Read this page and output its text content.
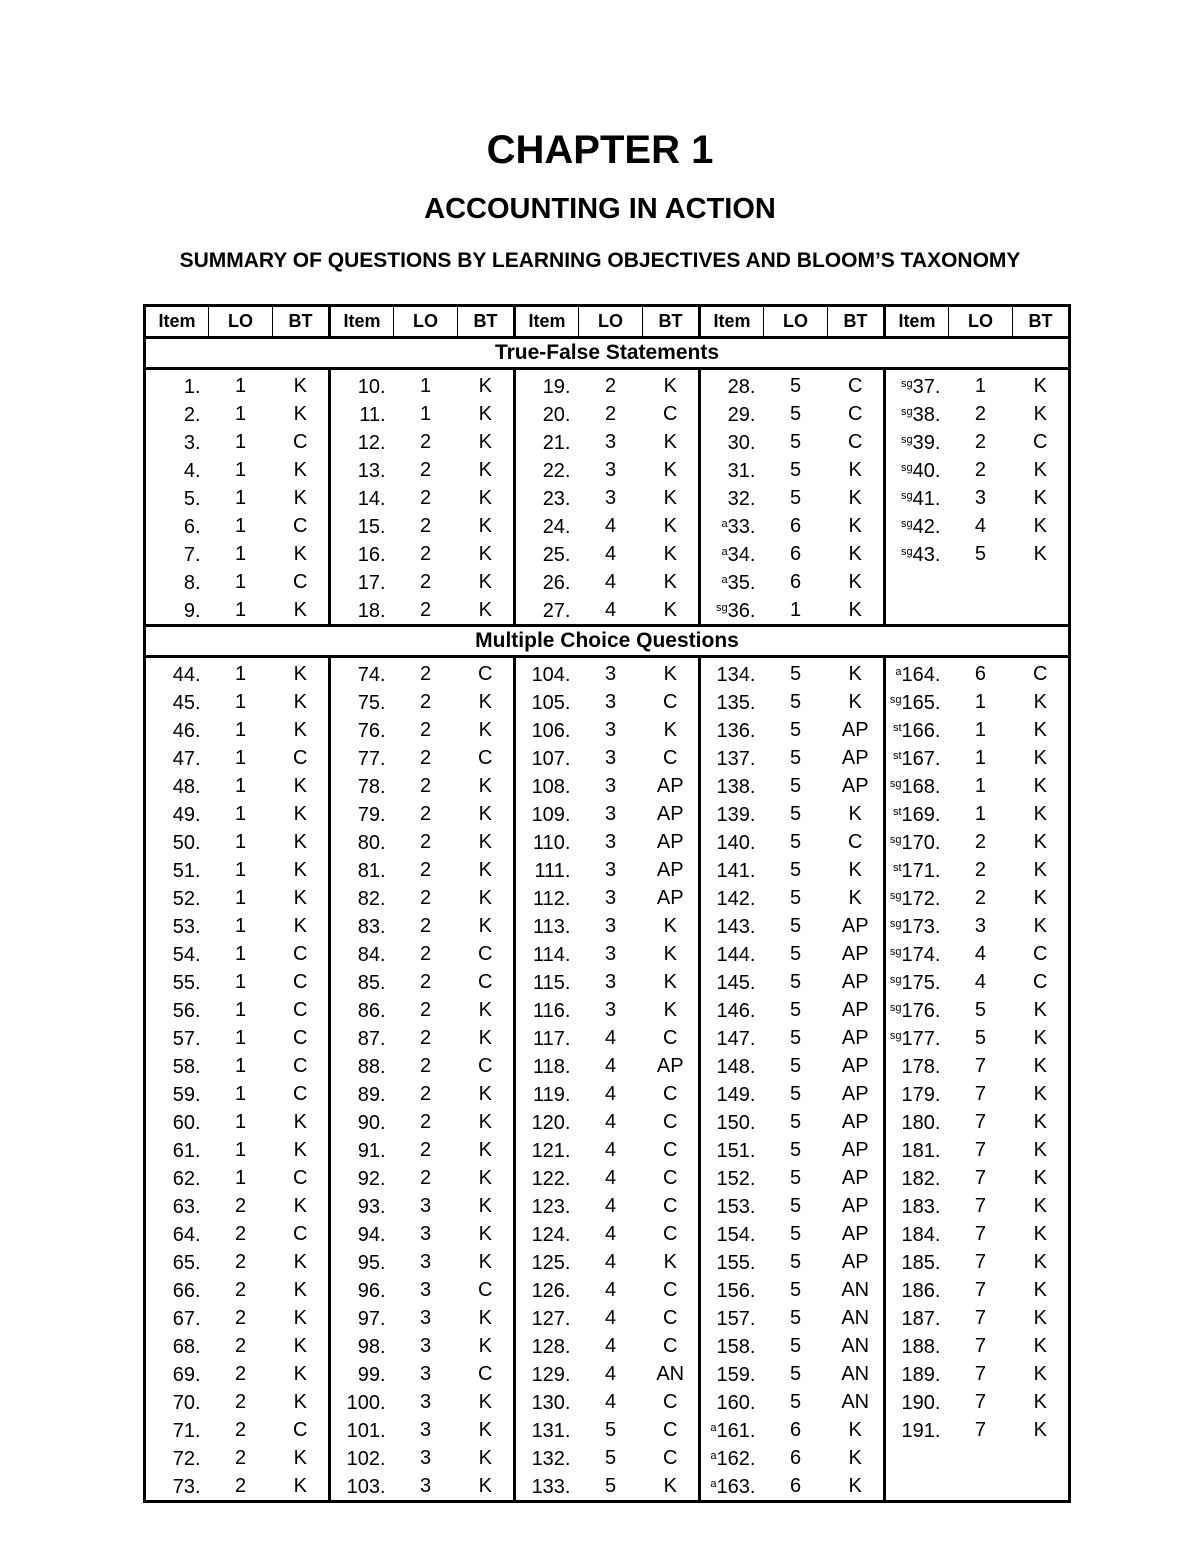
CHAPTER 1
ACCOUNTING IN ACTION
SUMMARY OF QUESTIONS BY LEARNING OBJECTIVES AND BLOOM’S TAXONOMY
Item	LO	BT	Item	LO	BT	Item	LO	BT	Item	LO	BT	Item	LO	BT
True-False Statements														
1.	1	K	10.	1	K	19.	2	K	28.	5	C	$^{sg}$37.	1	K
2.	1	K	11.	1	K	20.	2	C	29.	5	C	$^{sg}$38.	2	K
3.	1	C	12.	2	K	21.	3	K	30.	5	C	$^{sg}$39.	2	C
4.	1	K	13.	2	K	22.	3	K	31.	5	K	$^{sg}$40.	2	K
5.	1	K	14.	2	K	23.	3	K	32.	5	K	$^{sg}$41.	3	K
6.	1	C	15.	2	K	24.	4	K	$^a$33.	6	K	$^{sg}$42.	4	K
7.	1	K	16.	2	K	25.	4	K	$^a$34.	6	K	$^{sg}$43.	5	K
8.	1	C	17.	2	K	26.	4	K	$^a$35.	6	K			
9.	1	K	18.	2	K	27.	4	K	$^{sg}$36.	1	K			
Multiple Choice Questions														
44.	1	K	74.	2	C	104.	3	K	134.	5	K	$^a$164.	6	C
45.	1	K	75.	2	K	105.	3	C	135.	5	K	$^{sg}$165.	1	K
46.	1	K	76.	2	K	106.	3	K	136.	5	AP	$^{st}$166.	1	K
47.	1	C	77.	2	C	107.	3	C	137.	5	AP	$^{st}$167.	1	K
48.	1	K	78.	2	K	108.	3	AP	138.	5	AP	$^{sg}$168.	1	K
49.	1	K	79.	2	K	109.	3	AP	139.	5	K	$^{st}$169.	1	K
50.	1	K	80.	2	K	110.	3	AP	140.	5	C	$^{sg}$170.	2	K
51.	1	K	81.	2	K	111.	3	AP	141.	5	K	$^{st}$171.	2	K
52.	1	K	82.	2	K	112.	3	AP	142.	5	K	$^{sg}$172.	2	K
53.	1	K	83.	2	K	113.	3	K	143.	5	AP	$^{sg}$173.	3	K
54.	1	C	84.	2	C	114.	3	K	144.	5	AP	$^{sg}$174.	4	C
55.	1	C	85.	2	C	115.	3	K	145.	5	AP	$^{sg}$175.	4	C
56.	1	C	86.	2	K	116.	3	K	146.	5	AP	$^{sg}$176.	5	K
57.	1	C	87.	2	K	117.	4	C	147.	5	AP	$^{sg}$177.	5	K
58.	1	C	88.	2	C	118.	4	AP	148.	5	AP	178.	7	K
59.	1	C	89.	2	K	119.	4	C	149.	5	AP	179.	7	K
60.	1	K	90.	2	K	120.	4	C	150.	5	AP	180.	7	K
61.	1	K	91.	2	K	121.	4	C	151.	5	AP	181.	7	K
62.	1	C	92.	2	K	122.	4	C	152.	5	AP	182.	7	K
63.	2	K	93.	3	K	123.	4	C	153.	5	AP	183.	7	K
64.	2	C	94.	3	K	124.	4	C	154.	5	AP	184.	7	K
65.	2	K	95.	3	K	125.	4	K	155.	5	AP	185.	7	K
66.	2	K	96.	3	C	126.	4	C	156.	5	AN	186.	7	K
67.	2	K	97.	3	K	127.	4	C	157.	5	AN	187.	7	K
68.	2	K	98.	3	K	128.	4	C	158.	5	AN	188.	7	K
69.	2	K	99.	3	C	129.	4	AN	159.	5	AN	189.	7	K
70.	2	K	100.	3	K	130.	4	C	160.	5	AN	190.	7	K
71.	2	C	101.	3	K	131.	5	C	$^a$161.	6	K	191.	7	K
72.	2	K	102.	3	K	132.	5	C	$^a$162.	6	K			
73.	2	K	103.	3	K	133.	5	K	$^a$163.	6	K			
